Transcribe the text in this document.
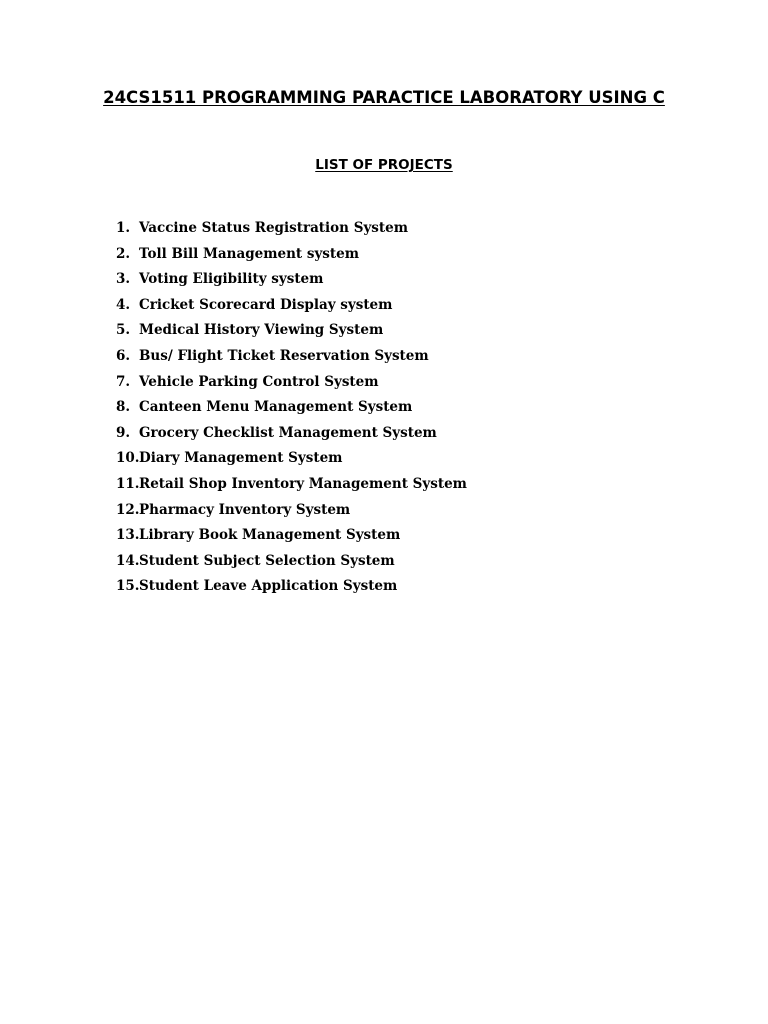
24CS1511 PROGRAMMING PARACTICE LABORATORY USING C
LIST OF PROJECTS
1. Vaccine Status Registration System
2. Toll Bill Management system
3. Voting Eligibility system
4. Cricket Scorecard Display system
5. Medical History Viewing System
6. Bus/ Flight Ticket Reservation System
7. Vehicle Parking Control System
8. Canteen Menu Management System
9. Grocery Checklist Management System
10. Diary Management System
11. Retail Shop Inventory Management System
12. Pharmacy Inventory System
13. Library Book Management System
14. Student Subject Selection System
15. Student Leave Application System
